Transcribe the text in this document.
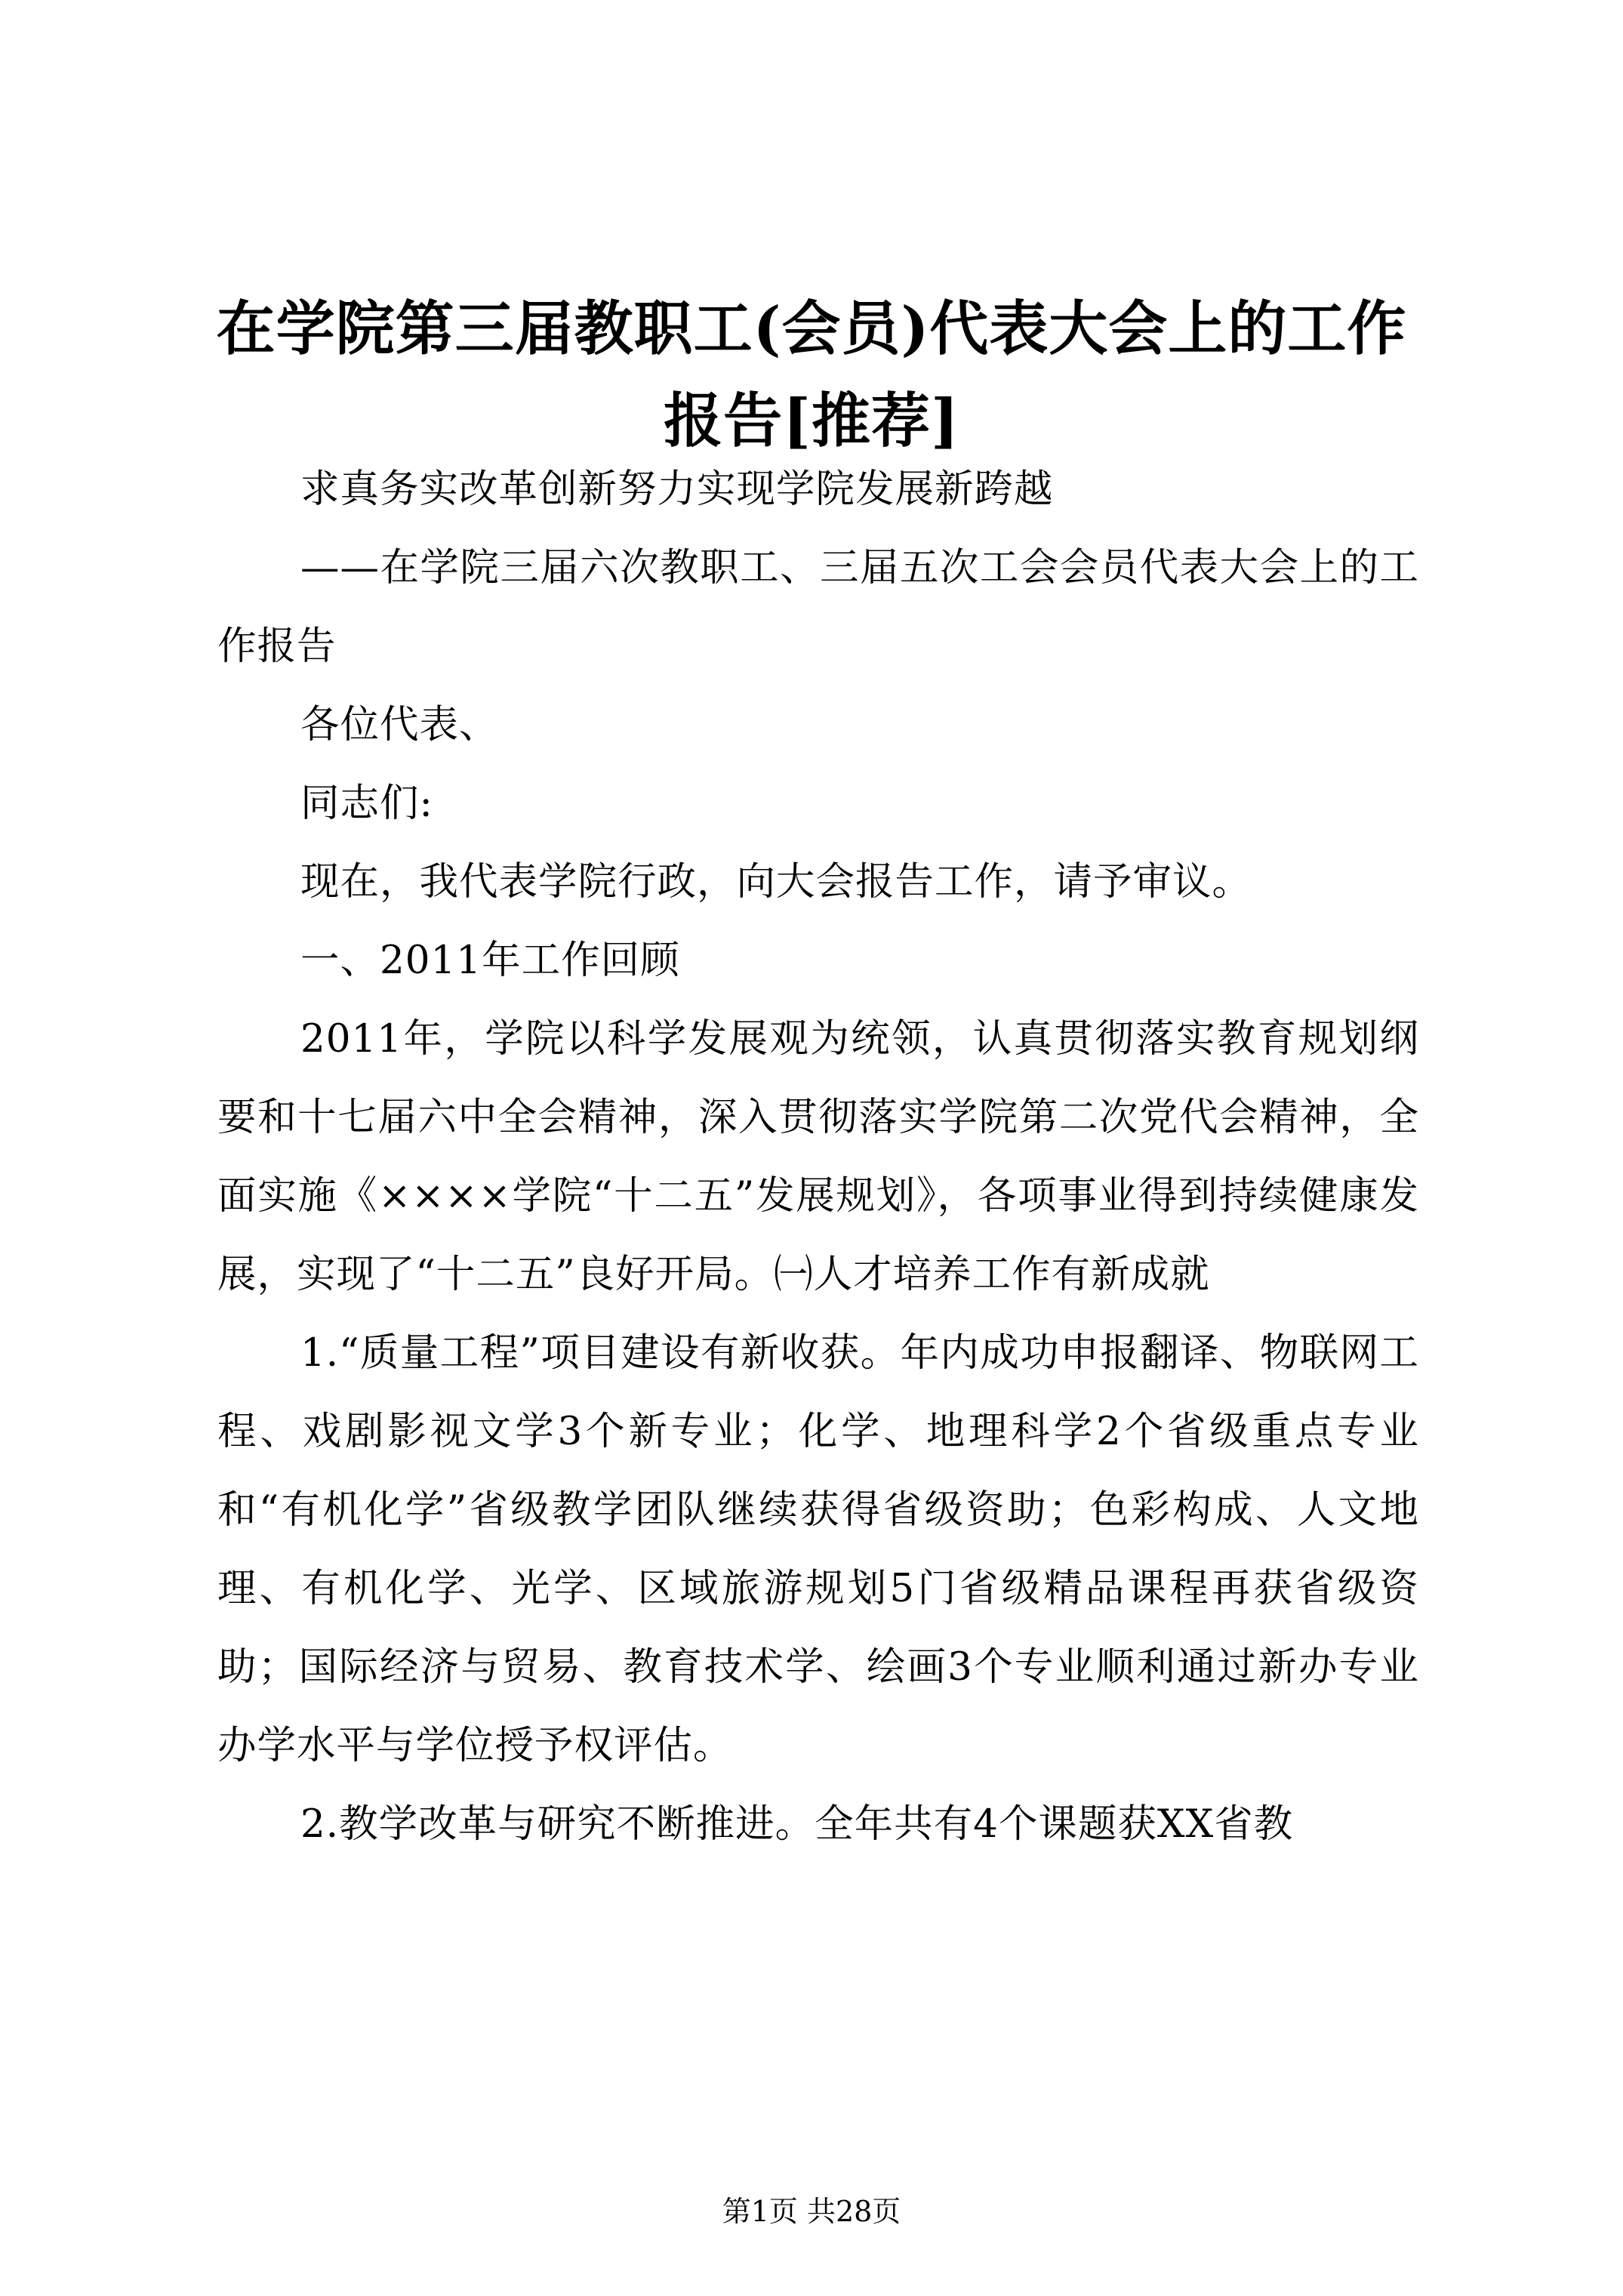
在学院第三届教职工(会员)代表大会上的工作报告[推荐]

求真务实改革创新努力实现学院发展新跨越

——在学院三届六次教职工、三届五次工会会员代表大会上的工作报告

各位代表、

同志们:

现在，我代表学院行政，向大会报告工作，请予审议。

一、2011年工作回顾

2011年，学院以科学发展观为统领，认真贯彻落实教育规划纲要和十七届六中全会精神，深入贯彻落实学院第二次党代会精神，全面实施《××××学院“十二五”发展规划》，各项事业得到持续健康发展，实现了“十二五”良好开局。㈠人才培养工作有新成就

1.“质量工程”项目建设有新收获。年内成功申报翻译、物联网工程、戏剧影视文学3个新专业；化学、地理科学2个省级重点专业和“有机化学”省级教学团队继续获得省级资助；色彩构成、人文地理、有机化学、光学、区域旅游规划5门省级精品课程再获省级资助；国际经济与贸易、教育技术学、绘画3个专业顺利通过新办专业办学水平与学位授予权评估。

2.教学改革与研究不断推进。全年共有4个课题获XX省教

第1页 共28页
